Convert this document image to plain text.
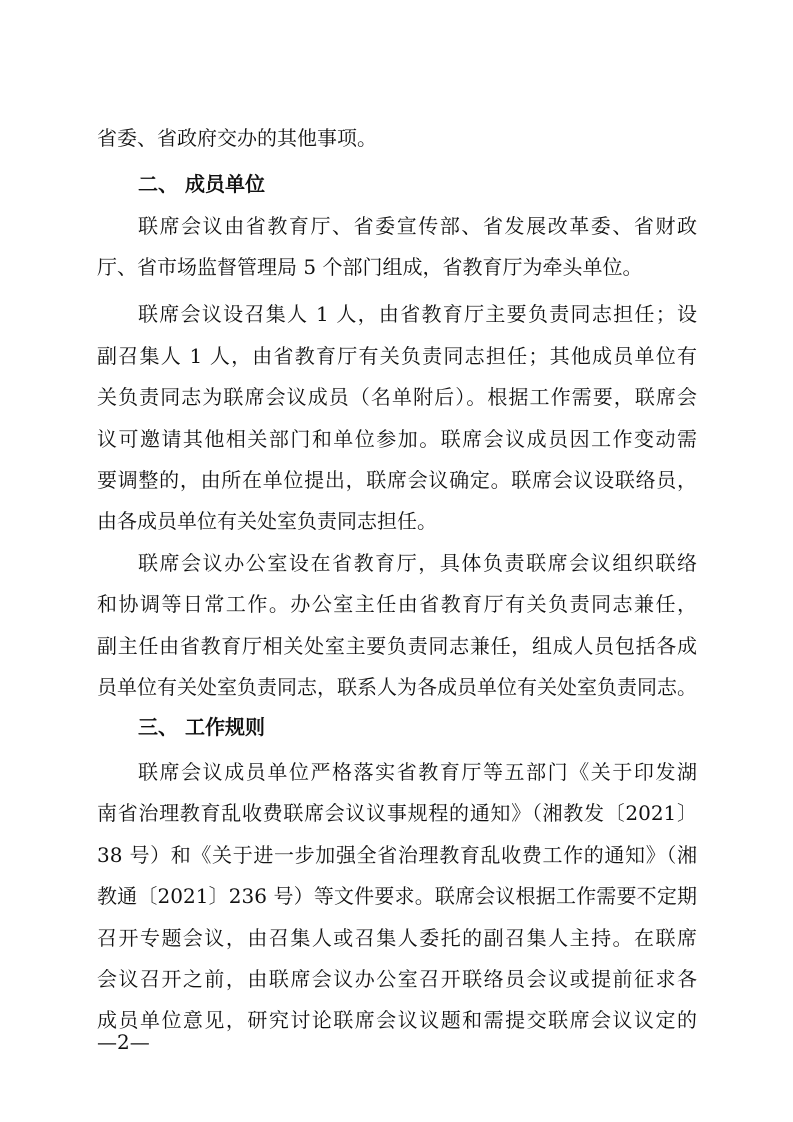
省委、省政府交办的其他事项。
二、 成员单位
联席会议由省教育厅、省委宣传部、省发展改革委、省财政
厅、省市场监督管理局 5 个部门组成，省教育厅为牵头单位。
联席会议设召集人 1 人，由省教育厅主要负责同志担任；设
副召集人 1 人，由省教育厅有关负责同志担任；其他成员单位有
关负责同志为联席会议成员（名单附后）。根据工作需要，联席会
议可邀请其他相关部门和单位参加。联席会议成员因工作变动需
要调整的，由所在单位提出，联席会议确定。联席会议设联络员，
由各成员单位有关处室负责同志担任。
联席会议办公室设在省教育厅，具体负责联席会议组织联络
和协调等日常工作。办公室主任由省教育厅有关负责同志兼任，
副主任由省教育厅相关处室主要负责同志兼任，组成人员包括各成
员单位有关处室负责同志，联系人为各成员单位有关处室负责同志。
三、 工作规则
联席会议成员单位严格落实省教育厅等五部门《关于印发湖
南省治理教育乱收费联席会议议事规程的通知》（湘教发〔2021〕
38 号）和《关于进一步加强全省治理教育乱收费工作的通知》（湘
教通〔2021〕236 号）等文件要求。联席会议根据工作需要不定期
召开专题会议，由召集人或召集人委托的副召集人主持。在联席
会议召开之前，由联席会议办公室召开联络员会议或提前征求各
成员单位意见，研究讨论联席会议议题和需提交联席会议议定的
—2—
